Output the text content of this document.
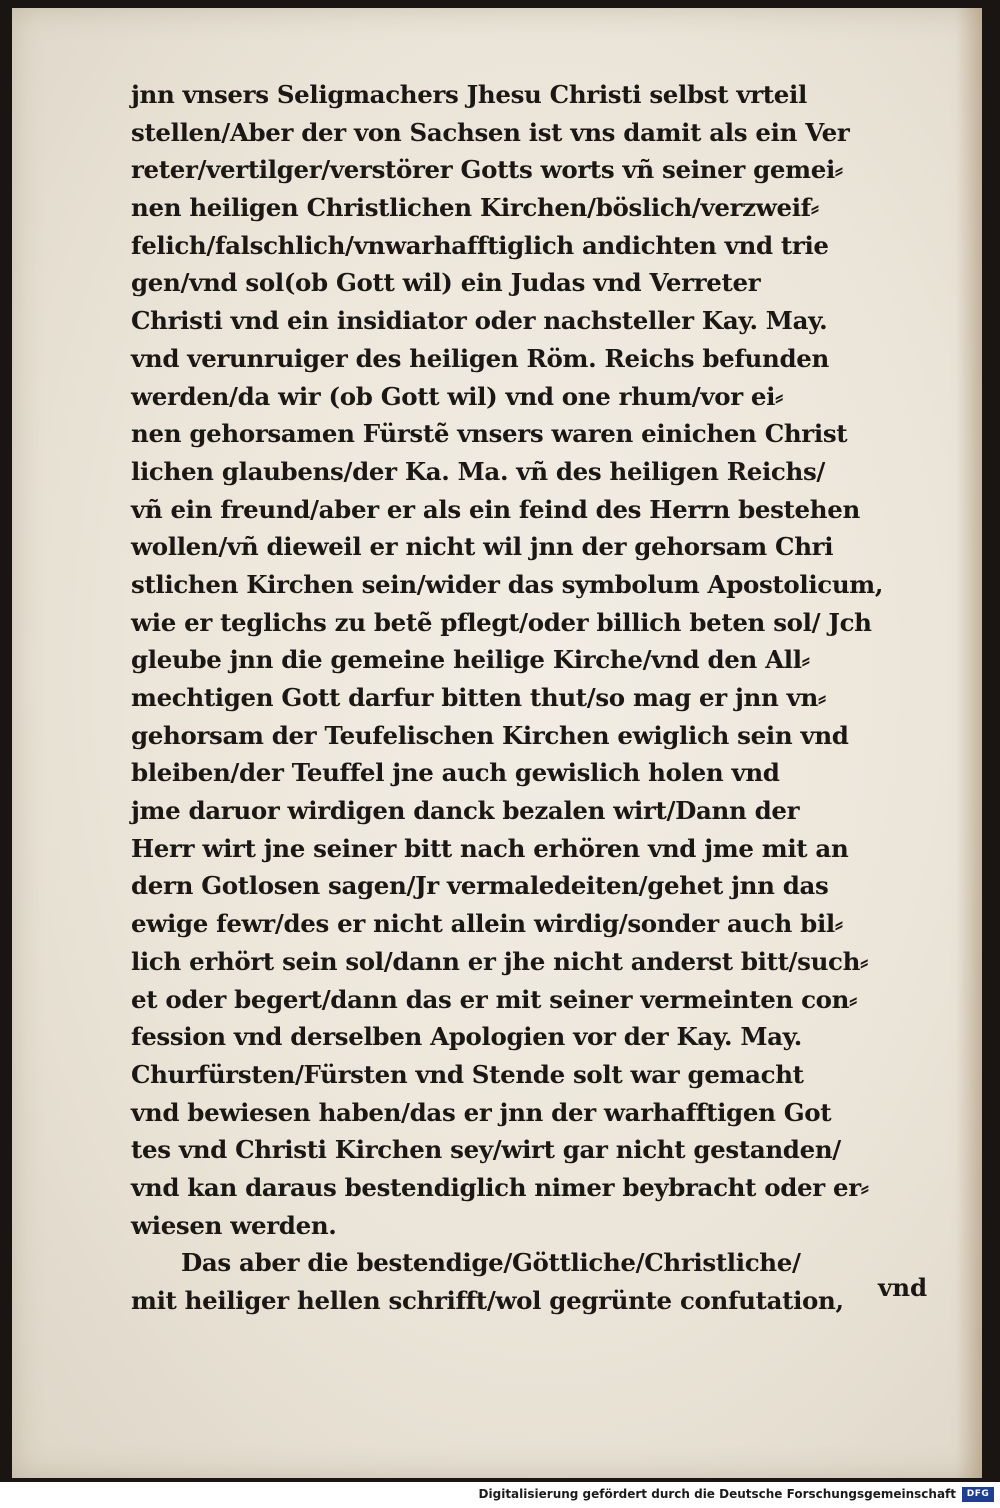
jnn vnsers Seligmachers Jhesu Christi selbst vrteil
stellen/Aber der von Sachsen ist vns damit als ein Ver
reter/vertilger/verstörer Gotts worts vñ seiner gemei⸗
nen heiligen Christlichen Kirchen/böslich/verzweif⸗
felich/falschlich/vnwarhafftiglich andichten vnd trie
gen/vnd sol(ob Gott wil) ein Judas vnd Verreter
Christi vnd ein insidiator oder nachsteller Kay. May.
vnd verunruiger des heiligen Röm. Reichs befunden
werden/da wir (ob Gott wil) vnd one rhum/vor ei⸗
nen gehorsamen Fürstẽ vnsers waren einichen Christ
lichen glaubens/der Ka. Ma. vñ des heiligen Reichs/
vñ ein freund/aber er als ein feind des Herrn bestehen
wollen/vñ dieweil er nicht wil jnn der gehorsam Chri
stlichen Kirchen sein/wider das symbolum Apostolicum,
wie er teglichs zu betẽ pflegt/oder billich beten sol/ Jch
gleube jnn die gemeine heilige Kirche/vnd den All⸗
mechtigen Gott darfur bitten thut/so mag er jnn vn⸗
gehorsam der Teufelischen Kirchen ewiglich sein vnd
bleiben/der Teuffel jne auch gewislich holen vnd
jme daruor wirdigen danck bezalen wirt/Dann der
Herr wirt jne seiner bitt nach erhören vnd jme mit an
dern Gotlosen sagen/Jr vermaledeiten/gehet jnn das
ewige fewr/des er nicht allein wirdig/sonder auch bil⸗
lich erhört sein sol/dann er jhe nicht anderst bitt/such⸗
et oder begert/dann das er mit seiner vermeinten con⸗
fession vnd derselben Apologien vor der Kay. May.
Churfürsten/Fürsten vnd Stende solt war gemacht
vnd bewiesen haben/das er jnn der warhafftigen Got
tes vnd Christi Kirchen sey/wirt gar nicht gestanden/
vnd kan daraus bestendiglich nimer beybracht oder er⸗
wiesen werden.
Das aber die bestendige/Göttliche/Christliche/
mit heiliger hellen schrifft/wol gegrünte confutation,	vnd
Digitalisierung gefördert durch die Deutsche Forschungsgemeinschaft	DFG
